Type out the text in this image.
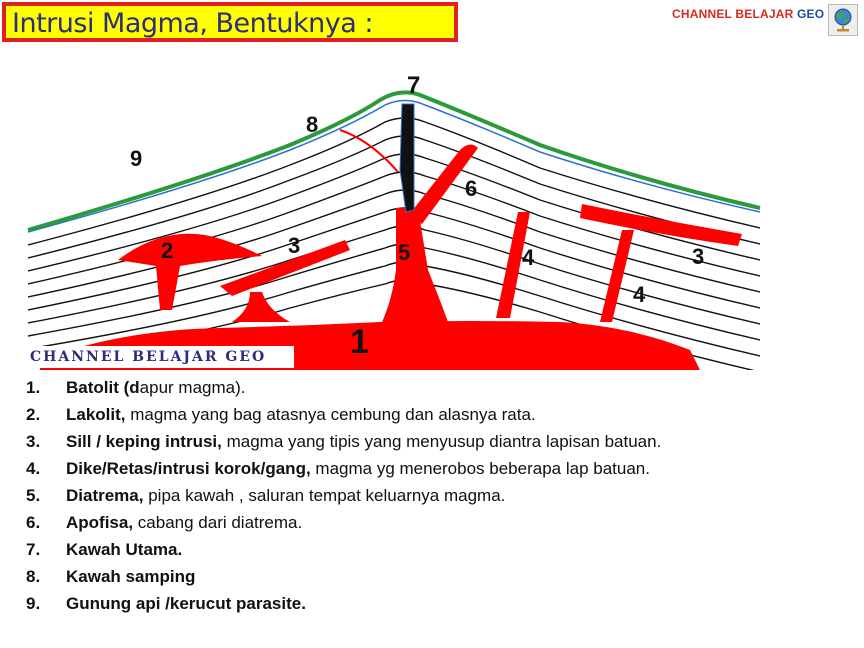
Intrusi Magma, Bentuknya :	CHANNEL BELAJAR GEO
1
2	3	3
4
4
5
6
7
8
9
CHANNEL BELAJAR GEO
1. Batolit (dapur magma).
2. Lakolit, magma yang bag atasnya cembung dan alasnya rata.
3. Sill / keping intrusi, magma yang tipis yang menyusup diantra lapisan batuan.
4. Dike/Retas/intrusi korok/gang, magma yg menerobos beberapa lap batuan.
5. Diatrema, pipa kawah , saluran tempat keluarnya magma.
6. Apofisa, cabang dari diatrema.
7. Kawah Utama.
8. Kawah samping
9. Gunung api /kerucut parasite.
